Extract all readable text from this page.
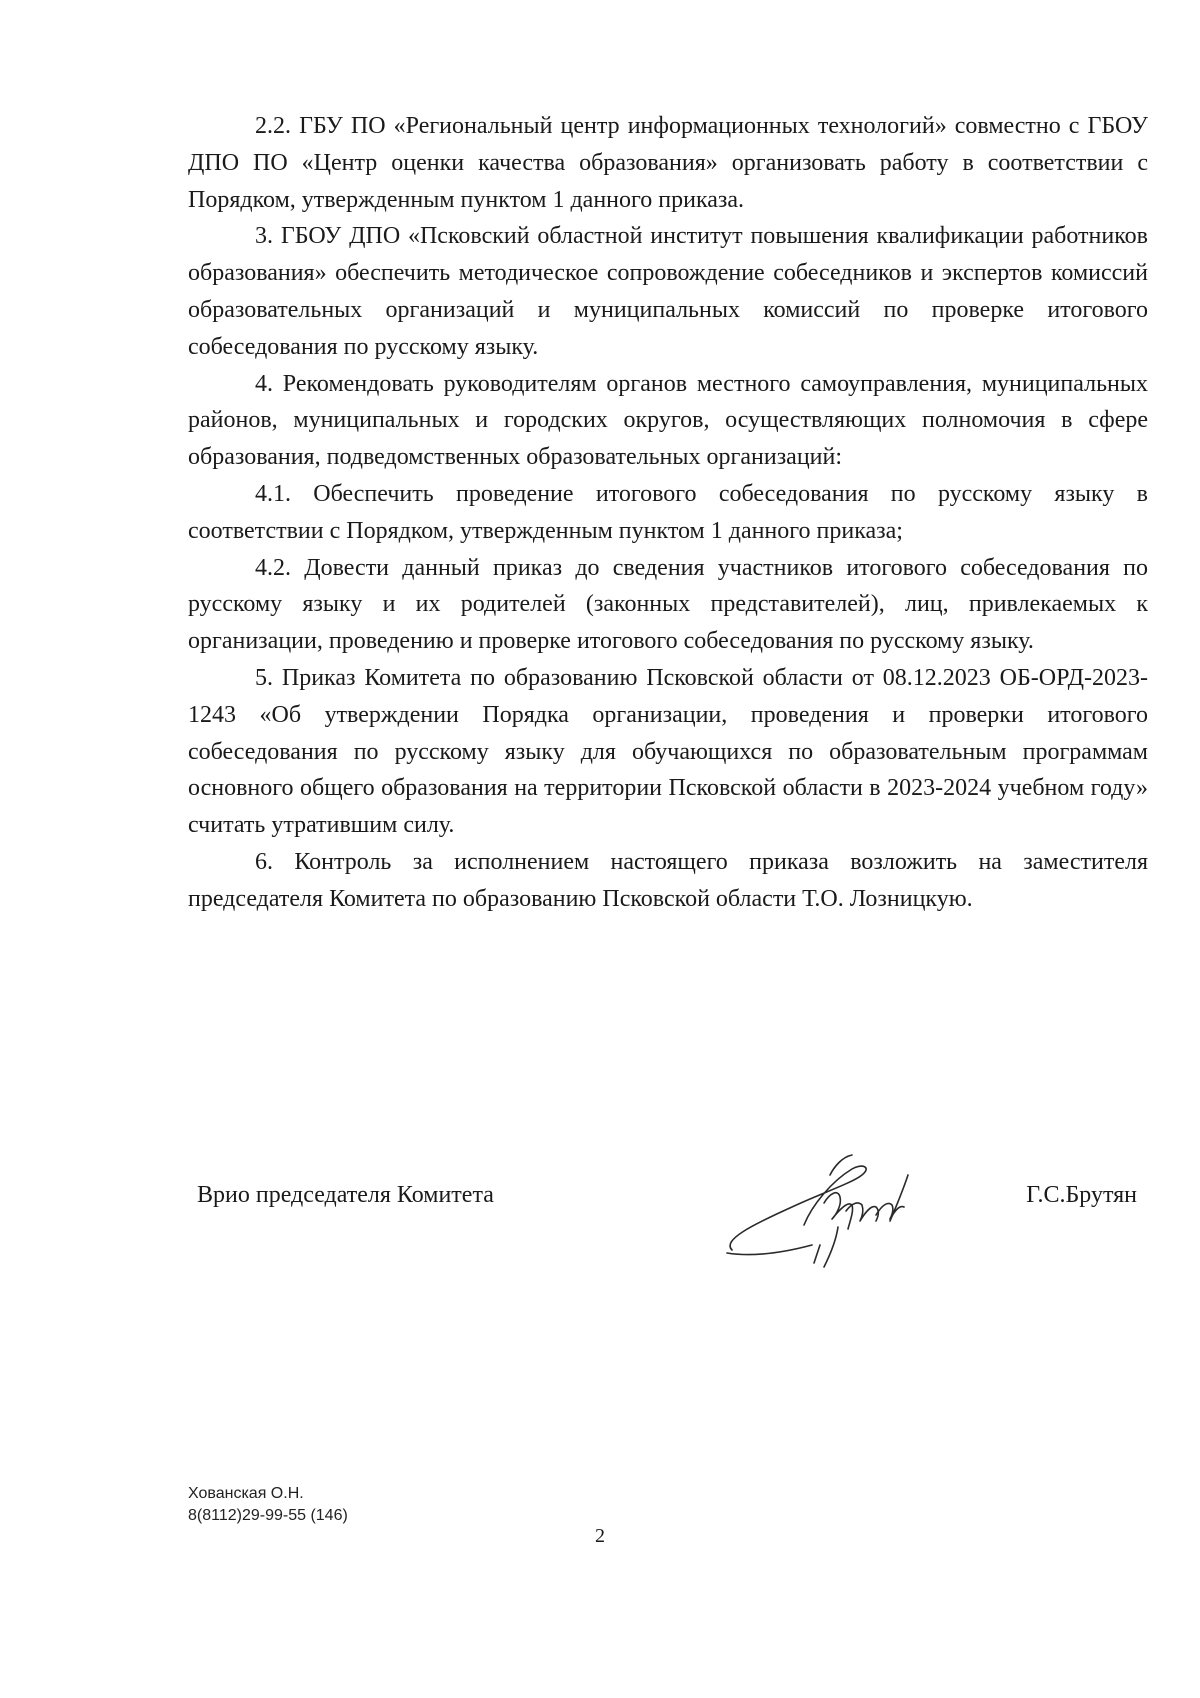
2.2. ГБУ ПО «Региональный центр информационных технологий» совместно с ГБОУ ДПО ПО «Центр оценки качества образования» организовать работу в соответствии с Порядком, утвержденным пунктом 1 данного приказа.

3. ГБОУ ДПО «Псковский областной институт повышения квалификации работников образования» обеспечить методическое сопровождение собеседников и экспертов комиссий образовательных организаций и муниципальных комиссий по проверке итогового собеседования по русскому языку.

4. Рекомендовать руководителям органов местного самоуправления, муниципальных районов, муниципальных и городских округов, осуществляющих полномочия в сфере образования, подведомственных образовательных организаций:

4.1. Обеспечить проведение итогового собеседования по русскому языку в соответствии с Порядком, утвержденным пунктом 1 данного приказа;

4.2. Довести данный приказ до сведения участников итогового собеседования по русскому языку и их родителей (законных представителей), лиц, привлекаемых к организации, проведению и проверке итогового собеседования по русскому языку.

5. Приказ Комитета по образованию Псковской области от 08.12.2023 ОБ-ОРД-2023-1243 «Об утверждении Порядка организации, проведения и проверки итогового собеседования по русскому языку для обучающихся по образовательным программам основного общего образования на территории Псковской области в 2023-2024 учебном году» считать утратившим силу.

6. Контроль за исполнением настоящего приказа возложить на заместителя председателя Комитета по образованию Псковской области Т.О. Лозницкую.

Врио председателя Комитета	Г.С.Брутян
Хованская О.Н.
8(8112)29-99-55 (146)
2
